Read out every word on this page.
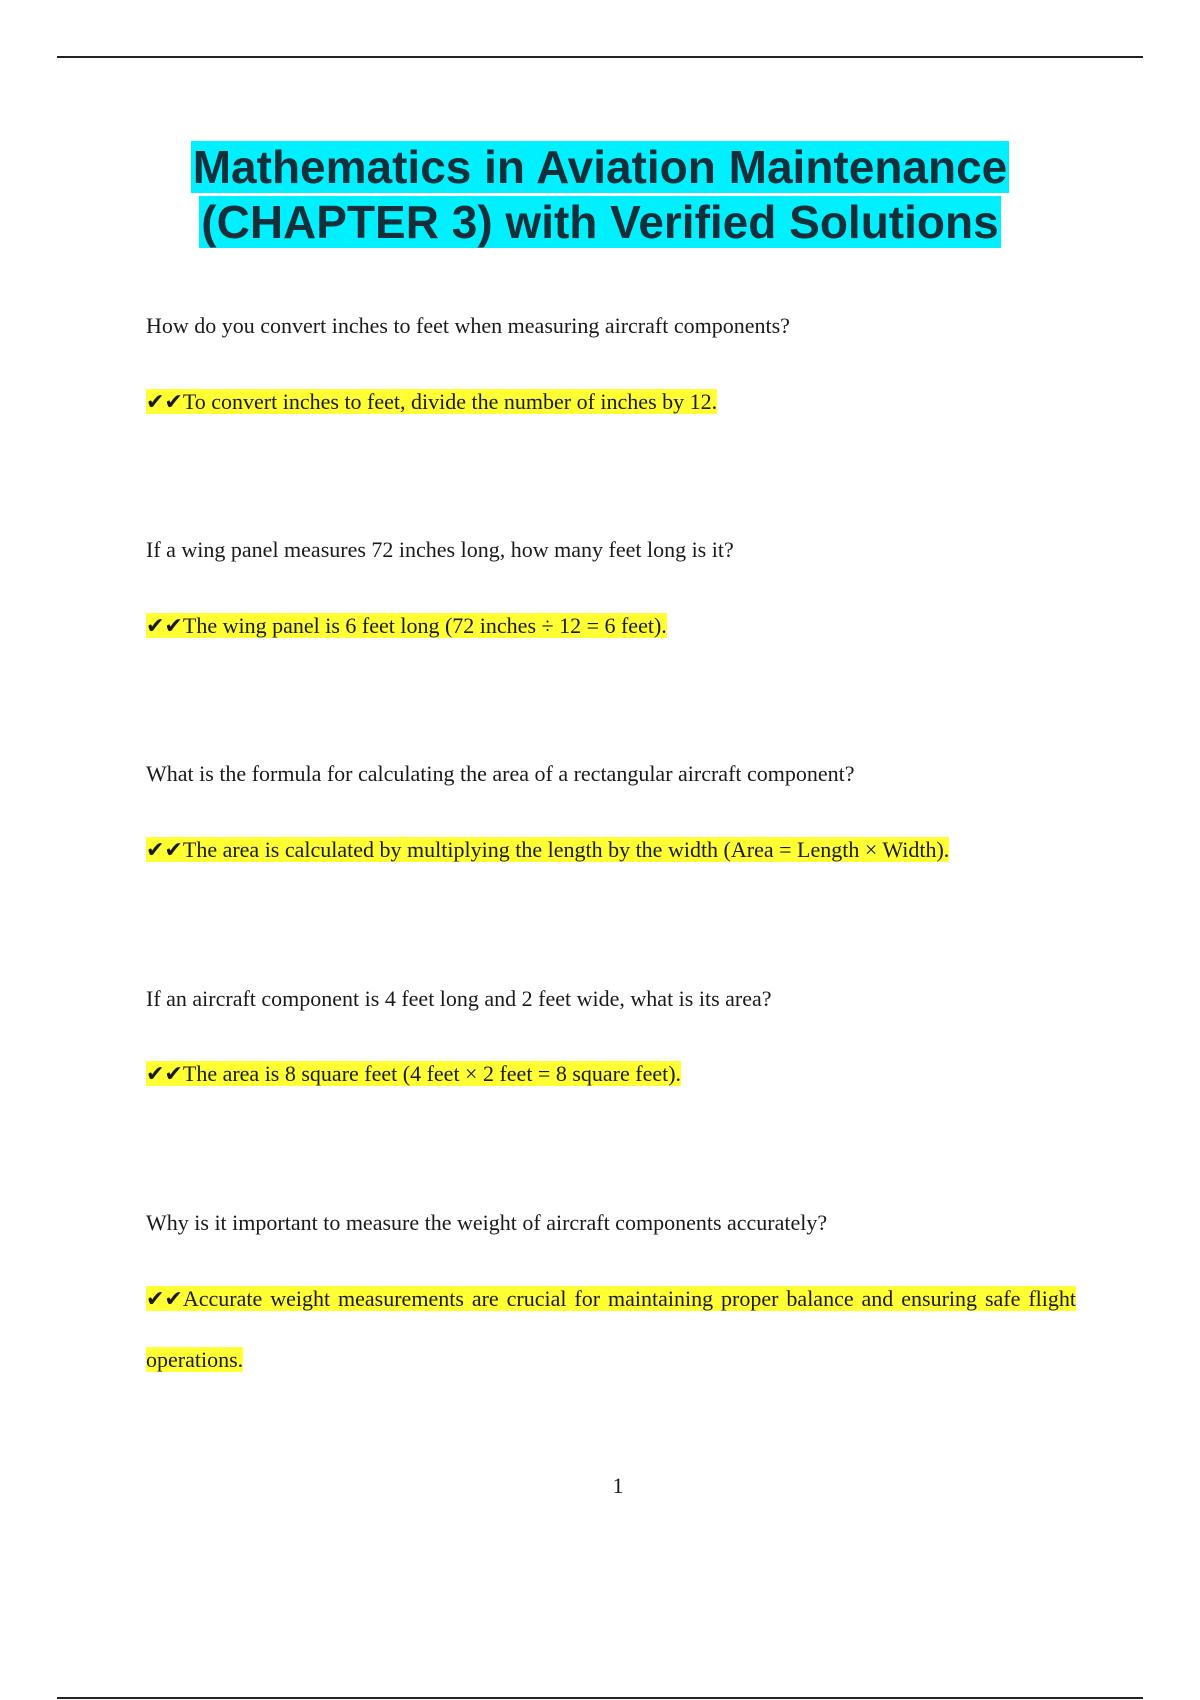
Mathematics in Aviation Maintenance
(CHAPTER 3) with Verified Solutions
How do you convert inches to feet when measuring aircraft components?
✔✔To convert inches to feet, divide the number of inches by 12.
If a wing panel measures 72 inches long, how many feet long is it?
✔✔The wing panel is 6 feet long (72 inches ÷ 12 = 6 feet).
What is the formula for calculating the area of a rectangular aircraft component?
✔✔The area is calculated by multiplying the length by the width (Area = Length × Width).
If an aircraft component is 4 feet long and 2 feet wide, what is its area?
✔✔The area is 8 square feet (4 feet × 2 feet = 8 square feet).
Why is it important to measure the weight of aircraft components accurately?
✔✔Accurate weight measurements are crucial for maintaining proper balance and ensuring safe flight operations.
1
